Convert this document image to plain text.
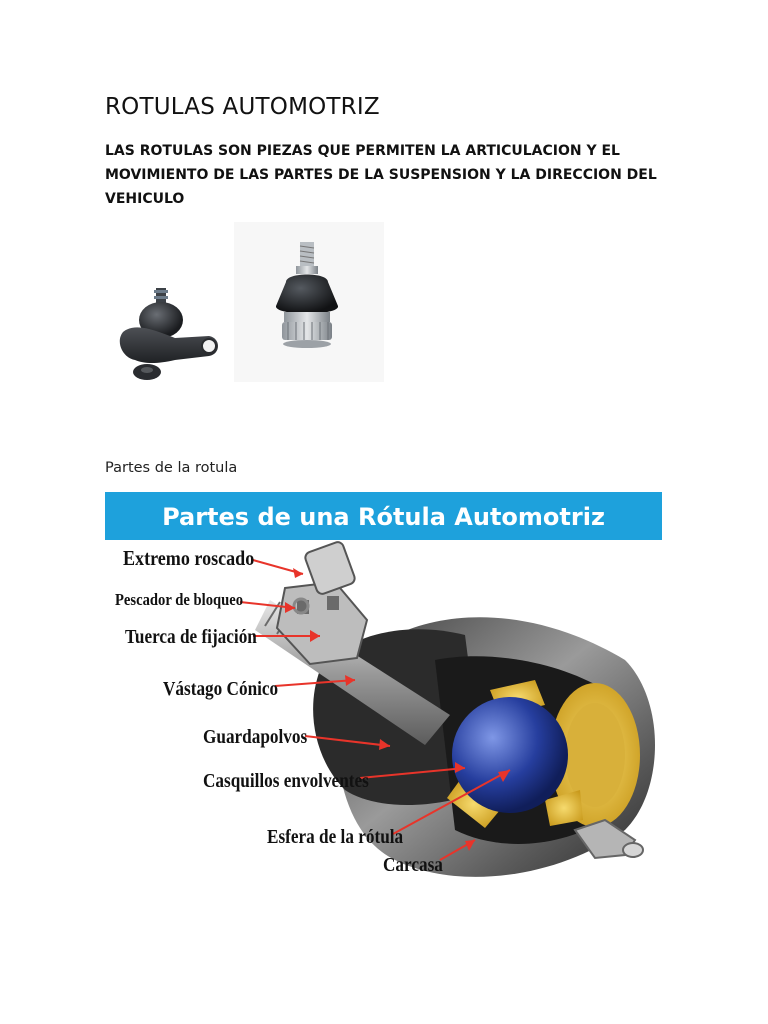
ROTULAS AUTOMOTRIZ

LAS ROTULAS SON PIEZAS QUE PERMITEN LA ARTICULACION Y EL MOVIMIENTO DE LAS PARTES DE LA SUSPENSION Y LA DIRECCION DEL VEHICULO

Partes de la rotula

Partes de una Rótula Automotriz
Extremo roscado
Pescador de bloqueo
Tuerca de fijación
Vástago Cónico
Guardapolvos
Casquillos envolventes
Esfera de la rótula
Carcasa
